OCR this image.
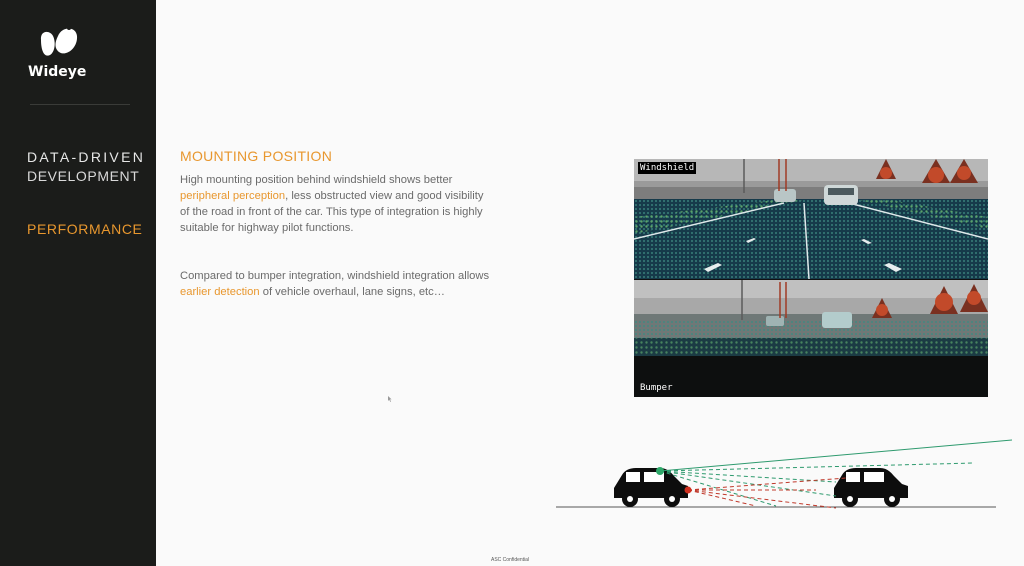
Wideye
DATA-DRIVEN
DEVELOPMENT
PERFORMANCE
MOUNTING POSITION

High mounting position behind windshield shows better peripheral perception, less obstructed view and good visibility of the road in front of the car. This type of integration is highly suitable for highway pilot functions.

Compared to bumper integration, windshield integration allows earlier detection of vehicle overhaul, lane signs, etc…

Windshield
Bumper
ASC Confidential
